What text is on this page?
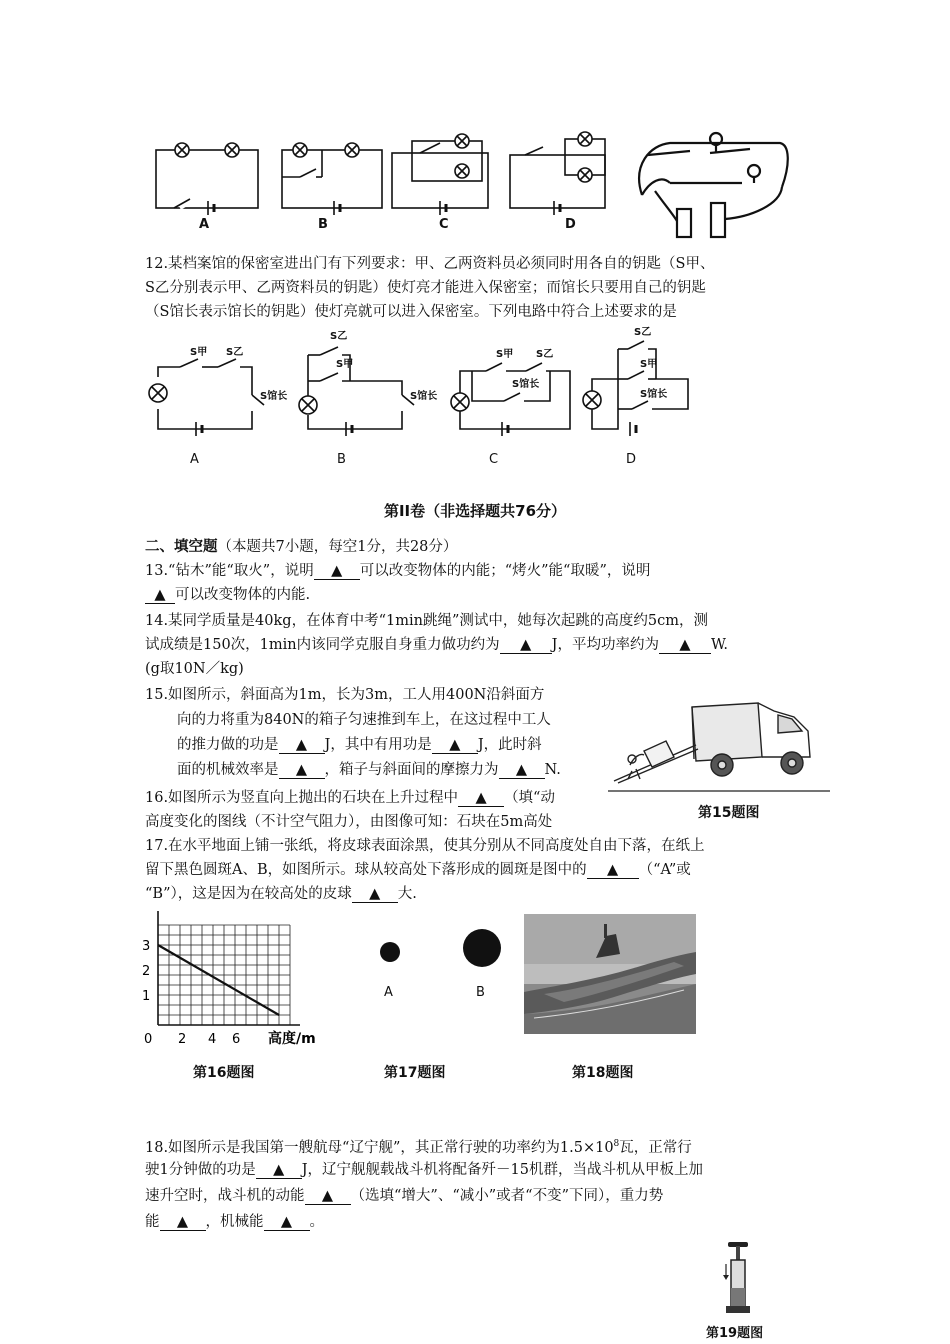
A	B	C	D
12.某档案馆的保密室进出门有下列要求：甲、乙两资料员必须同时用各自的钥匙（S甲、
S乙分别表示甲、乙两资料员的钥匙）使灯亮才能进入保密室；而馆长只要用自己的钥匙
（S馆长表示馆长的钥匙）使灯亮就可以进入保密室。下列电路中符合上述要求的是
S甲 S乙
S馆长
S乙
S甲
S馆长
S甲 S乙
S馆长
S乙
S甲
S馆长
A	B	C	D
第II卷（非选择题共76分）
二、填空题（本题共7小题，每空1分，共28分）
13.“钻木”能“取火”，说明 ▲ 可以改变物体的内能；“烤火”能“取暖”，说明
▲ 可以改变物体的内能.
14.某同学质量是40kg，在体育中考“1min跳绳”测试中，她每次起跳的高度约5cm，测
试成绩是150次，1min内该同学克服自身重力做功约为 ▲ J，平均功率约为 ▲ W.
(g取10N／kg)
15.如图所示，斜面高为1m，长为3m，工人用400N沿斜面方
向的力将重为840N的箱子匀速推到车上，在这过程中工人
的推力做的功是 ▲ J，其中有用功是 ▲ J，此时斜
面的机械效率是 ▲ ，箱子与斜面间的摩擦力为 ▲ N.
第15题图
16.如图所示为竖直向上抛出的石块在上升过程中 ▲ （填“动
高度变化的图线（不计空气阻力），由图像可知：石块在5m高处
17.在水平地面上铺一张纸，将皮球表面涂黑，使其分别从不同高度处自由下落，在纸上
留下黑色圆斑A、B，如图所示。球从较高处下落形成的圆斑是图中的 ▲ （“A”或
“B”），这是因为在较高处的皮球 ▲ 大.
3
2
1
0 2 4 6 高度/m
A	B
第16题图	第17题图	第18题图
18.如图所示是我国第一艘航母“辽宁舰”，其正常行驶的功率约为$1.5\times 10^8$瓦，正常行
驶1分钟做的功是 ▲ J，辽宁舰舰载战斗机将配备歼－15机群，当战斗机从甲板上加
速升空时，战斗机的动能 ▲ （选填“增大”、“减小”或者“不变”下同），重力势
能 ▲ ，机械能 ▲ 。
第19题图
